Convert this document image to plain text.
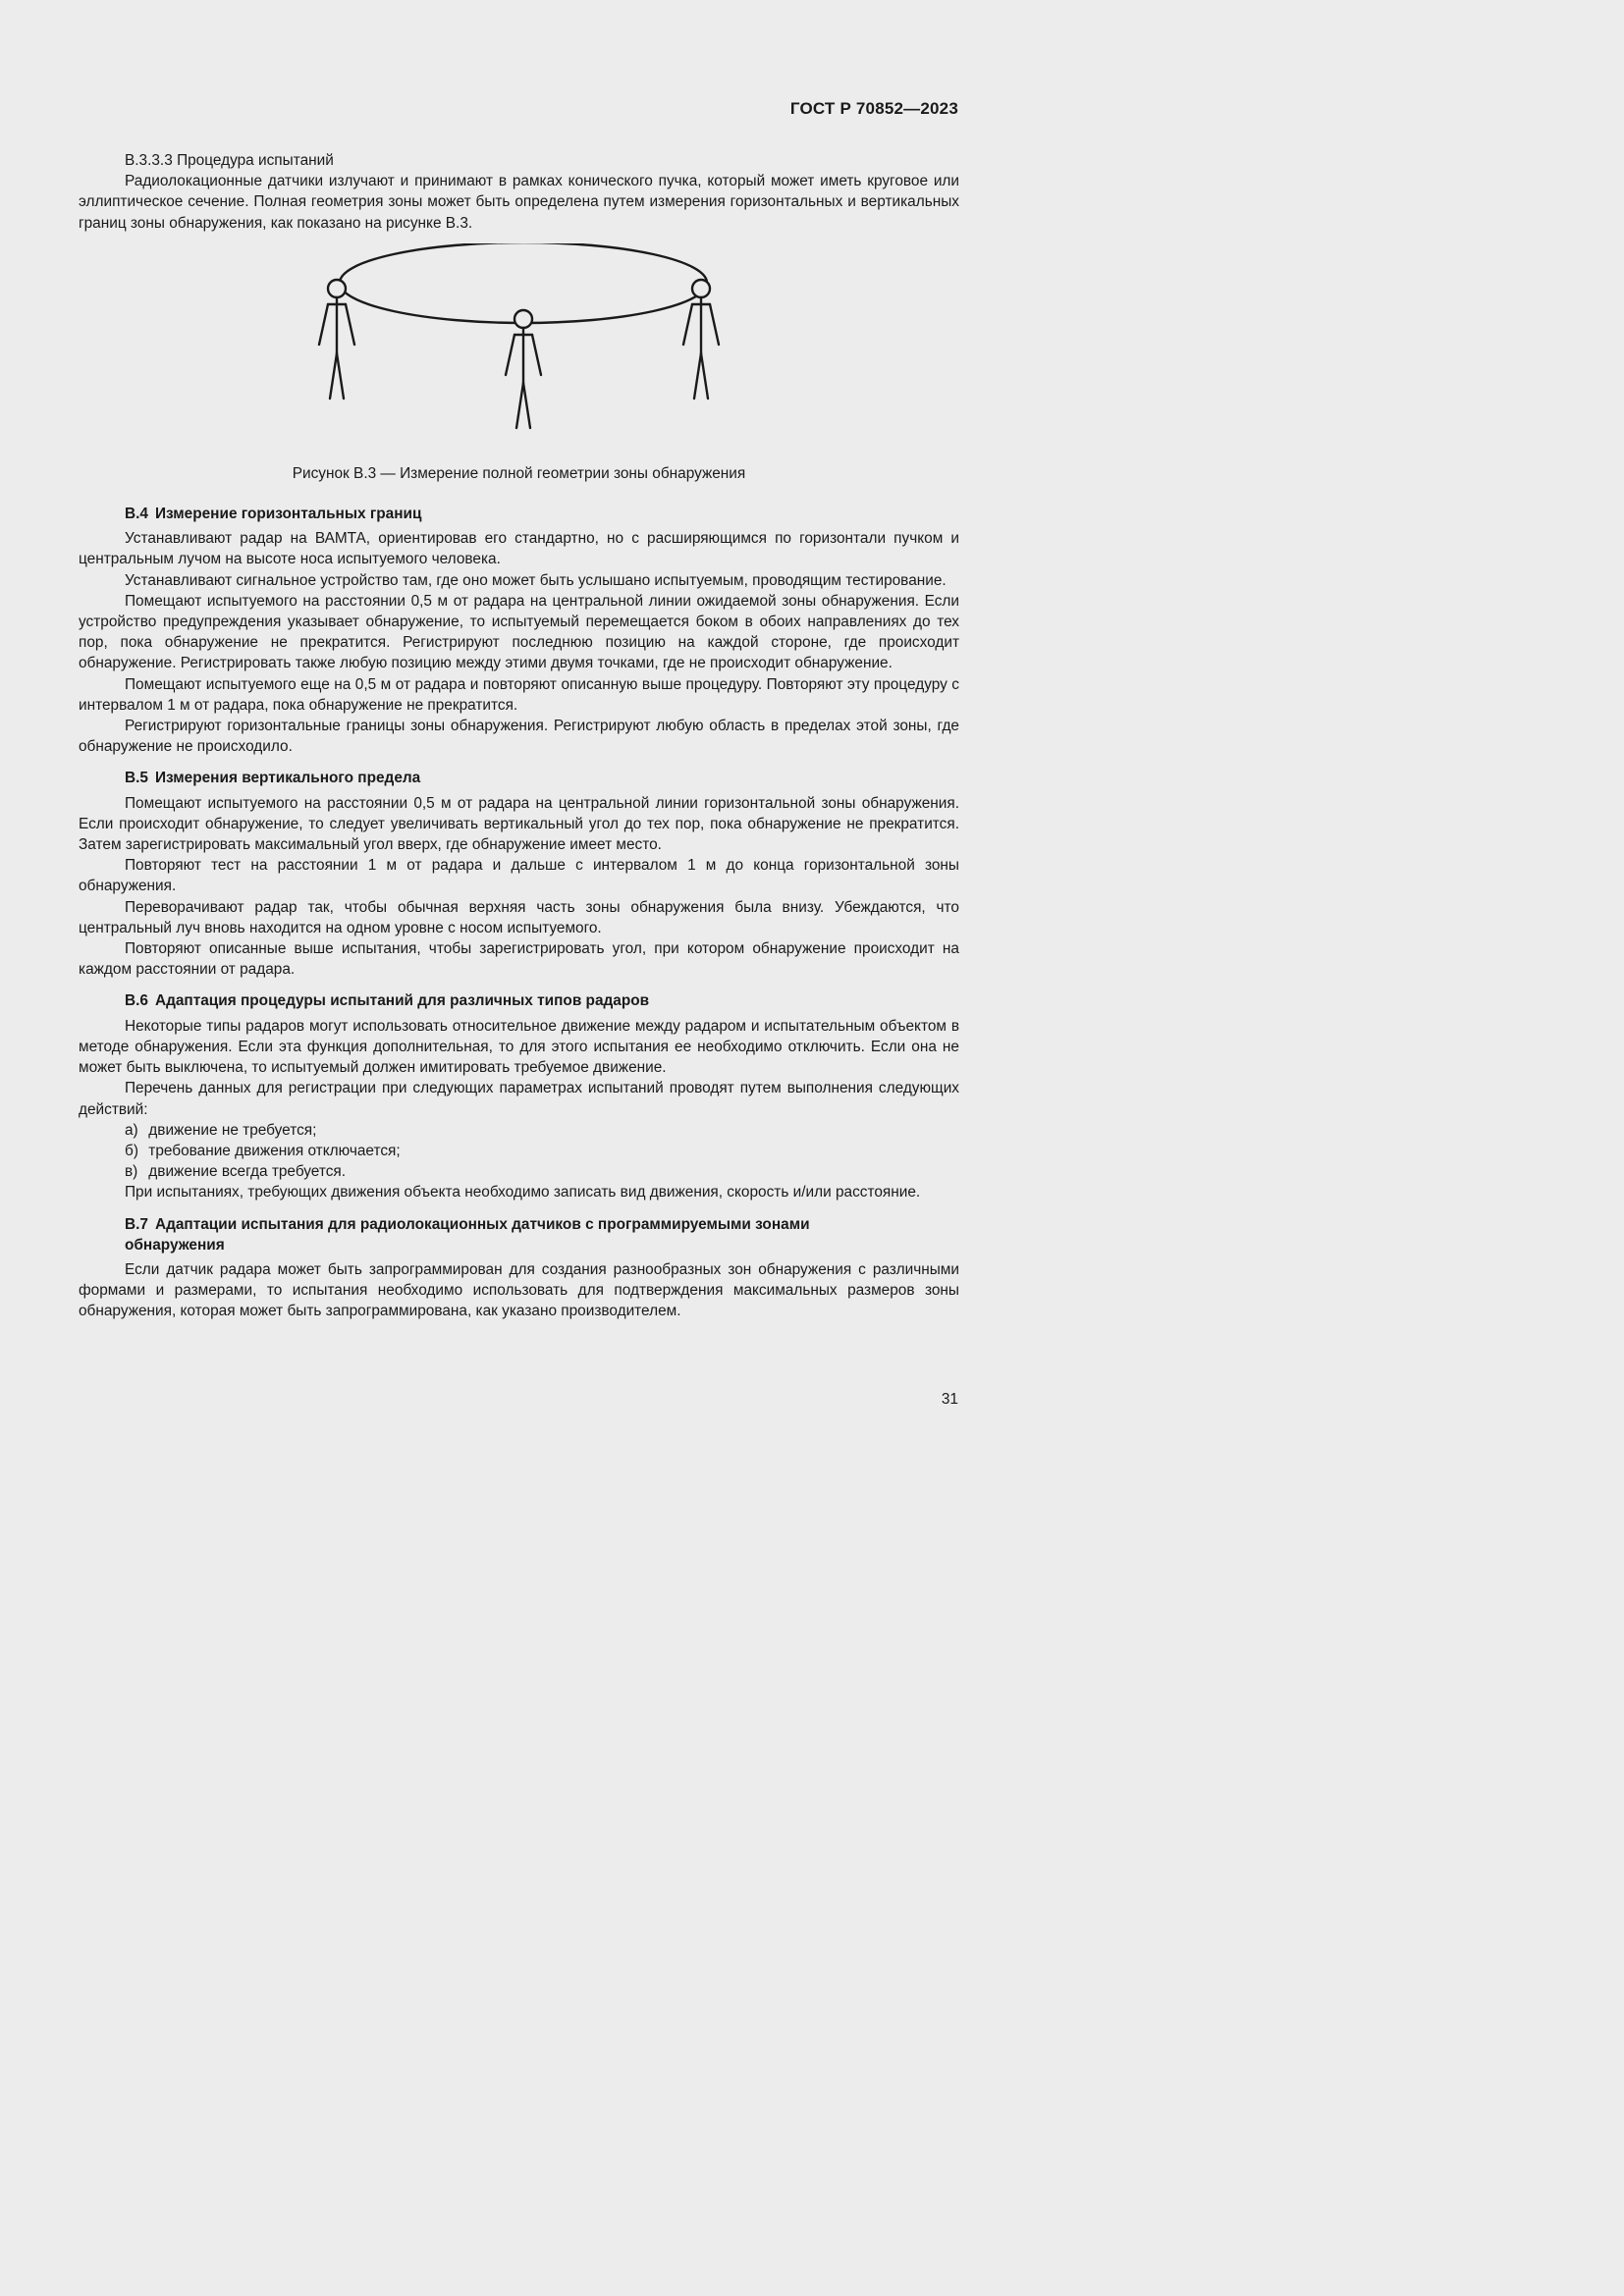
ГОСТ Р 70852—2023

В.3.3.3 Процедура испытаний

Радиолокационные датчики излучают и принимают в рамках конического пучка, который может иметь круговое или эллиптическое сечение. Полная геометрия зоны может быть определена путем измерения горизонтальных и вертикальных границ зоны обнаружения, как показано на рисунке В.3.

Рисунок В.3 — Измерение полной геометрии зоны обнаружения

В.4 Измерение горизонтальных границ

Устанавливают радар на ВАМТА, ориентировав его стандартно, но с расширяющимся по горизонтали пучком и центральным лучом на высоте носа испытуемого человека.

Устанавливают сигнальное устройство там, где оно может быть услышано испытуемым, проводящим тестирование.

Помещают испытуемого на расстоянии 0,5 м от радара на центральной линии ожидаемой зоны обнаружения. Если устройство предупреждения указывает обнаружение, то испытуемый перемещается боком в обоих направлениях до тех пор, пока обнаружение не прекратится. Регистрируют последнюю позицию на каждой стороне, где происходит обнаружение. Регистрировать также любую позицию между этими двумя точками, где не происходит обнаружение.

Помещают испытуемого еще на 0,5 м от радара и повторяют описанную выше процедуру. Повторяют эту процедуру с интервалом 1 м от радара, пока обнаружение не прекратится.

Регистрируют горизонтальные границы зоны обнаружения. Регистрируют любую область в пределах этой зоны, где обнаружение не происходило.

В.5 Измерения вертикального предела

Помещают испытуемого на расстоянии 0,5 м от радара на центральной линии горизонтальной зоны обнаружения. Если происходит обнаружение, то следует увеличивать вертикальный угол до тех пор, пока обнаружение не прекратится. Затем зарегистрировать максимальный угол вверх, где обнаружение имеет место.

Повторяют тест на расстоянии 1 м от радара и дальше с интервалом 1 м до конца горизонтальной зоны обнаружения.

Переворачивают радар так, чтобы обычная верхняя часть зоны обнаружения была внизу. Убеждаются, что центральный луч вновь находится на одном уровне с носом испытуемого.

Повторяют описанные выше испытания, чтобы зарегистрировать угол, при котором обнаружение происходит на каждом расстоянии от радара.

В.6 Адаптация процедуры испытаний для различных типов радаров

Некоторые типы радаров могут использовать относительное движение между радаром и испытательным объектом в методе обнаружения. Если эта функция дополнительная, то для этого испытания ее необходимо отключить. Если она не может быть выключена, то испытуемый должен имитировать требуемое движение.

Перечень данных для регистрации при следующих параметрах испытаний проводят путем выполнения следующих действий:

а) движение не требуется;

б) требование движения отключается;

в) движение всегда требуется.

При испытаниях, требующих движения объекта необходимо записать вид движения, скорость и/или расстояние.

В.7 Адаптации испытания для радиолокационных датчиков с программируемыми зонами
обнаружения

Если датчик радара может быть запрограммирован для создания разнообразных зон обнаружения с различными формами и размерами, то испытания необходимо использовать для подтверждения максимальных размеров зоны обнаружения, которая может быть запрограммирована, как указано производителем.

31
